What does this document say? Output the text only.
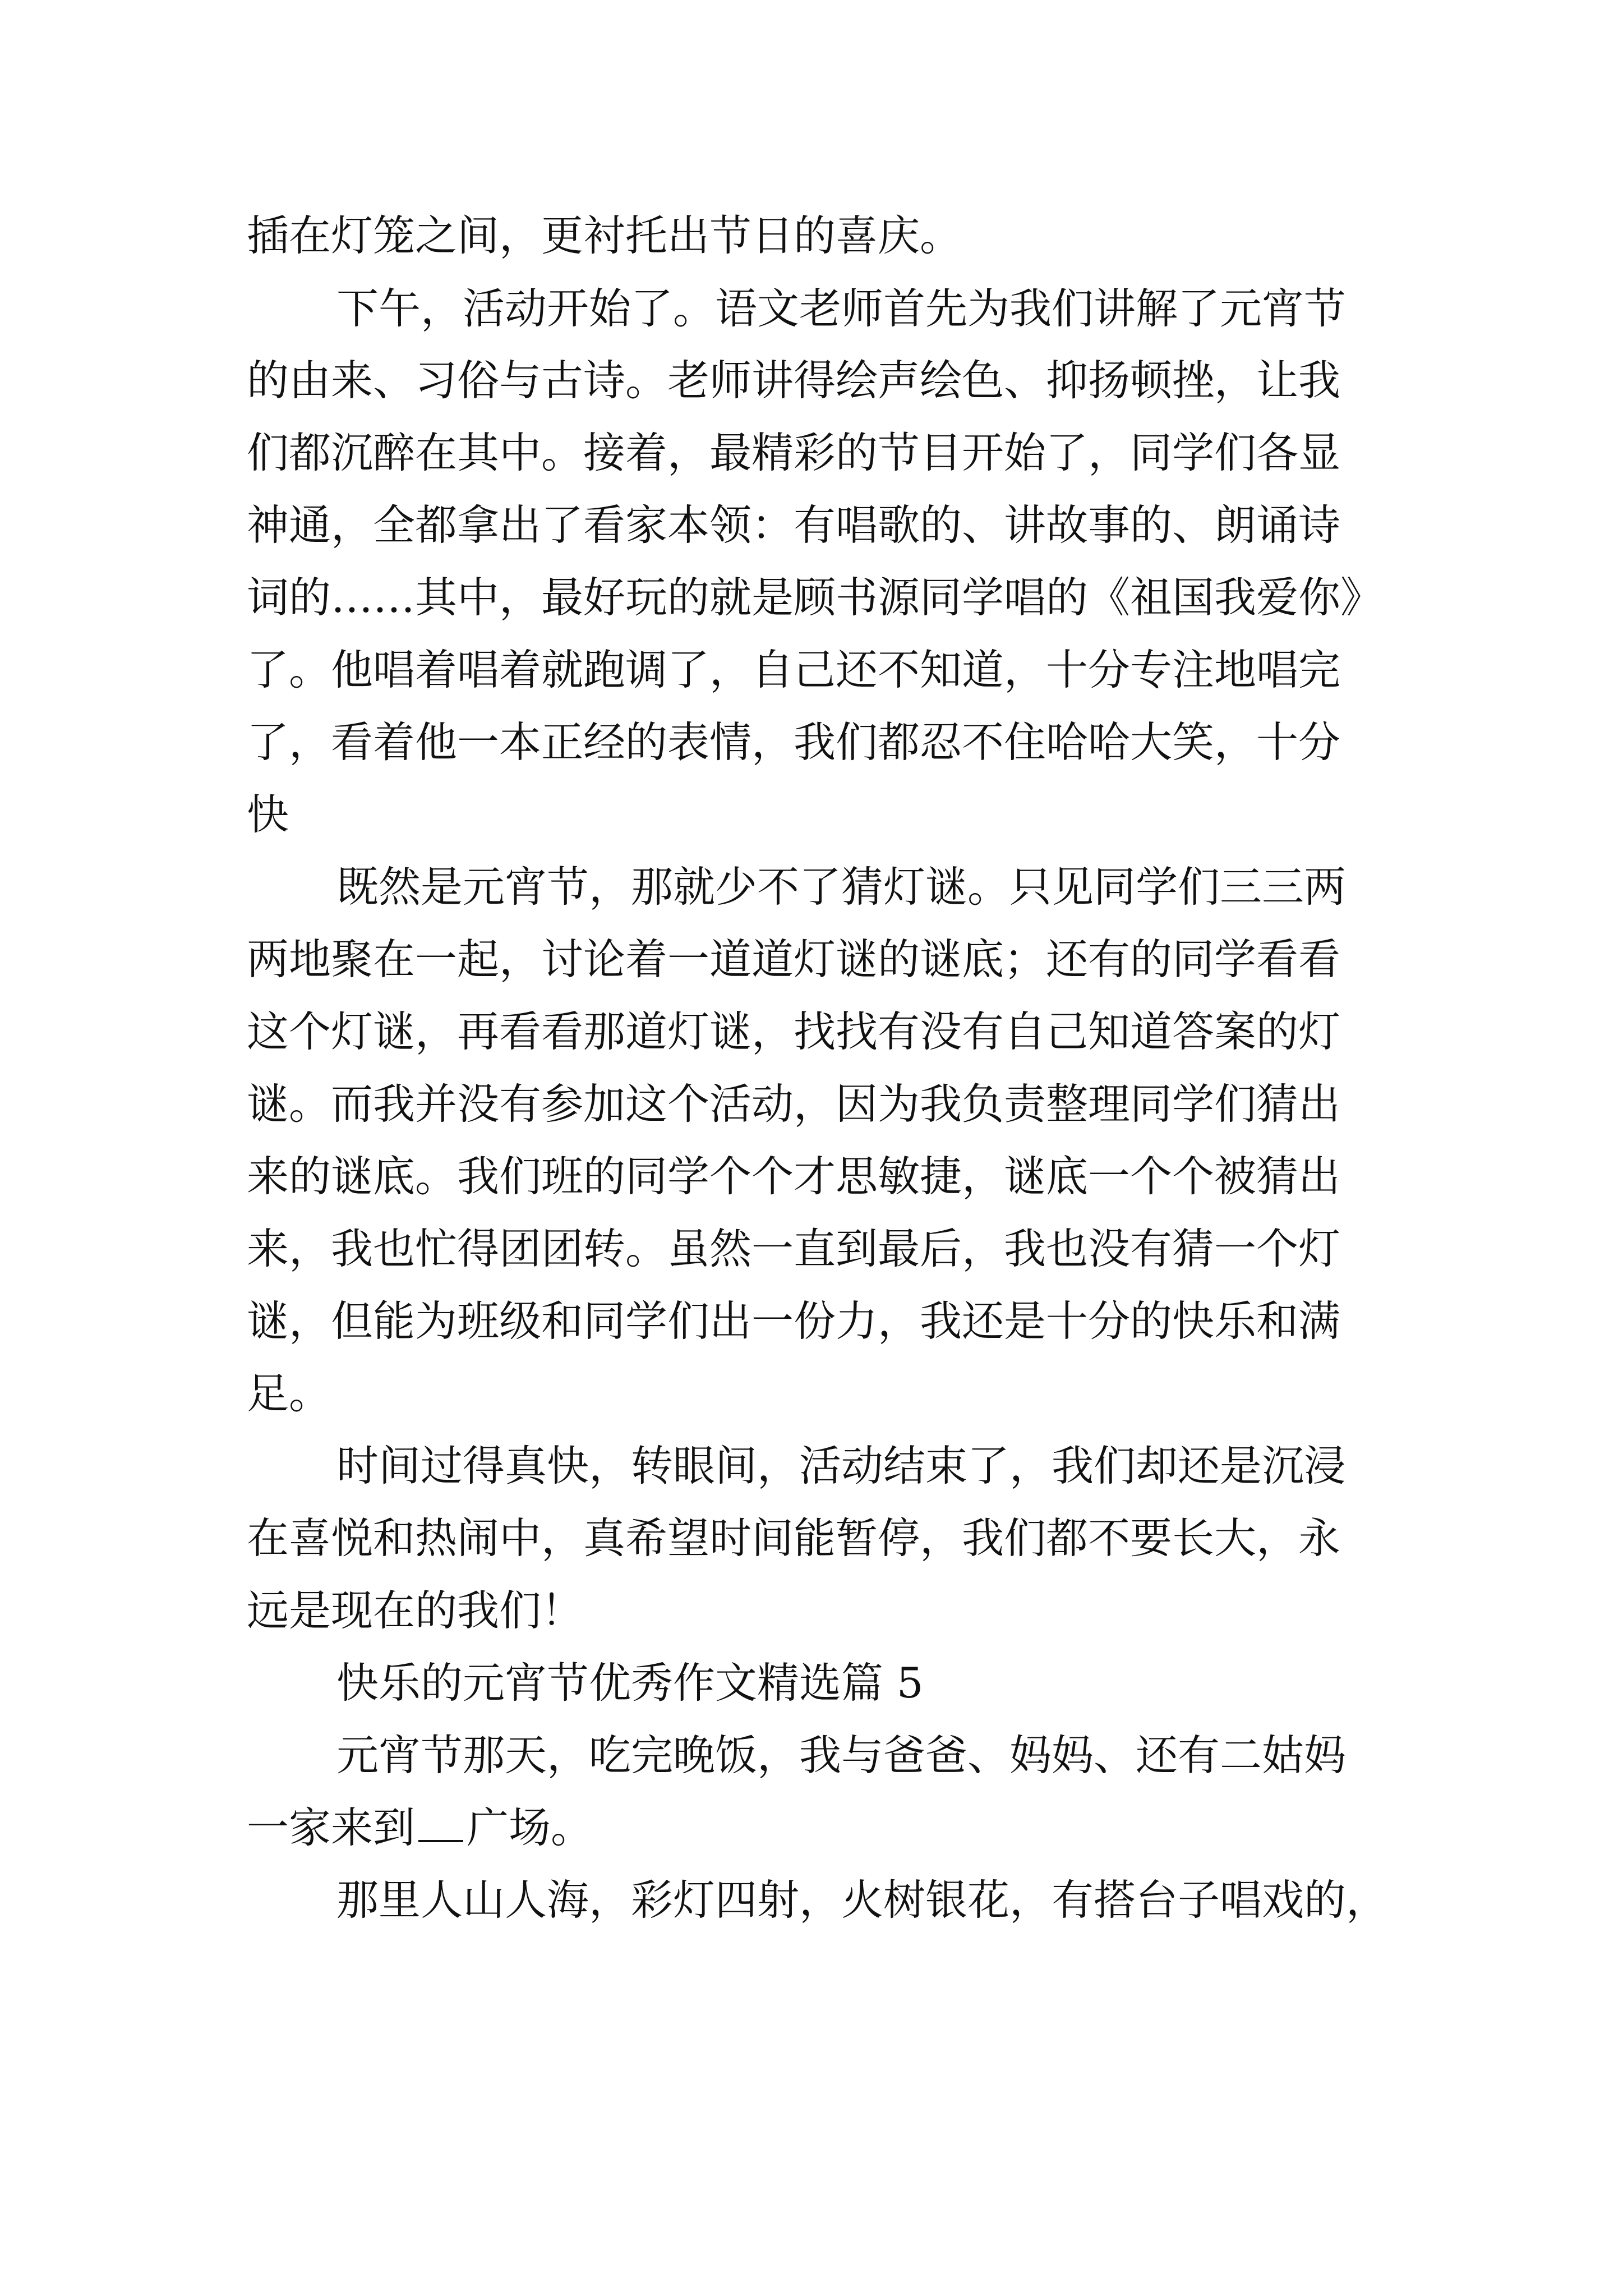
插在灯笼之间，更衬托出节日的喜庆。

下午，活动开始了。语文老师首先为我们讲解了元宵节

的由来、习俗与古诗。老师讲得绘声绘色、抑扬顿挫，让我

们都沉醉在其中。接着，最精彩的节目开始了，同学们各显

神通，全都拿出了看家本领：有唱歌的、讲故事的、朗诵诗

词的……其中，最好玩的就是顾书源同学唱的《祖国我爱你》

了。他唱着唱着就跑调了，自己还不知道，十分专注地唱完

了，看着他一本正经的表情，我们都忍不住哈哈大笑，十分

快

既然是元宵节，那就少不了猜灯谜。只见同学们三三两

两地聚在一起，讨论着一道道灯谜的谜底；还有的同学看看

这个灯谜，再看看那道灯谜，找找有没有自己知道答案的灯

谜。而我并没有参加这个活动，因为我负责整理同学们猜出

来的谜底。我们班的同学个个才思敏捷，谜底一个个被猜出

来，我也忙得团团转。虽然一直到最后，我也没有猜一个灯

谜，但能为班级和同学们出一份力，我还是十分的快乐和满

足。

时间过得真快，转眼间，活动结束了，我们却还是沉浸

在喜悦和热闹中，真希望时间能暂停，我们都不要长大，永

远是现在的我们！

快乐的元宵节优秀作文精选篇 5

元宵节那天，吃完晚饭，我与爸爸、妈妈、还有二姑妈

一家来到 广场。

那里人山人海，彩灯四射，火树银花，有搭台子唱戏的，
